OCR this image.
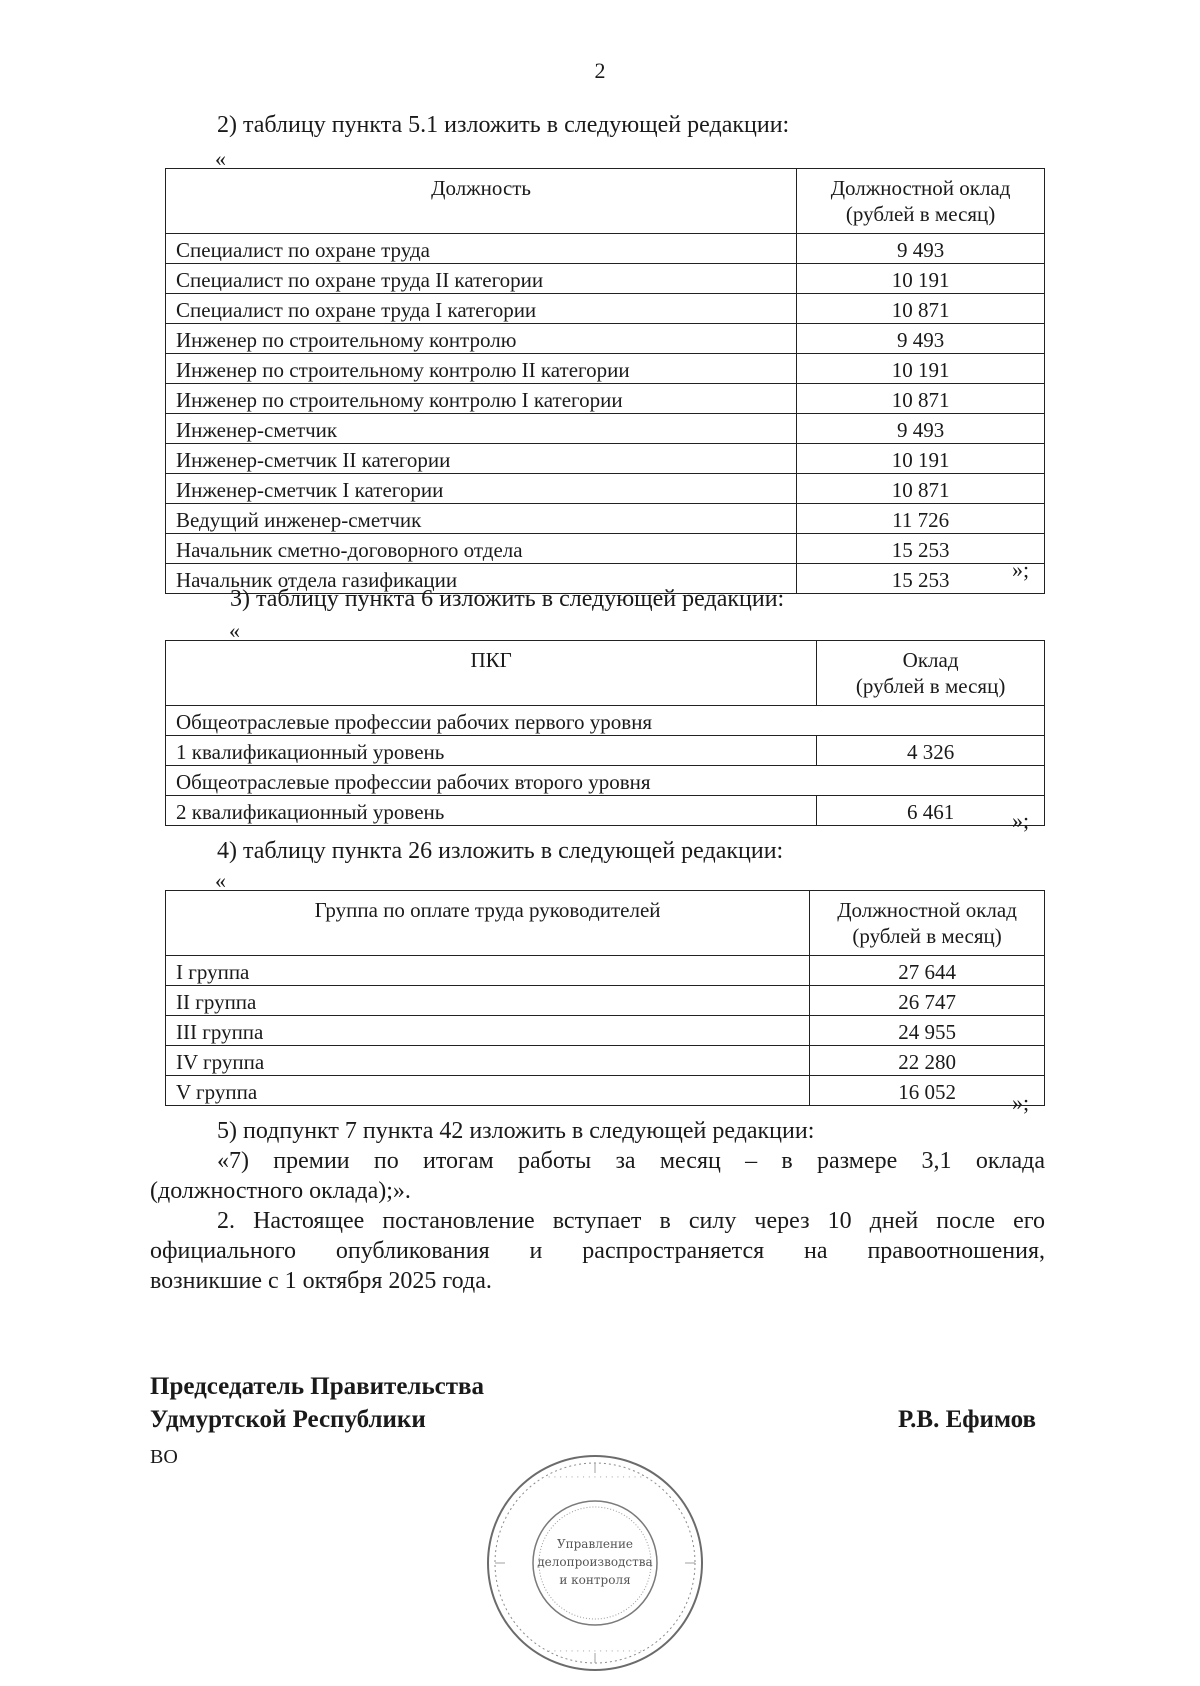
2
2) таблицу пункта 5.1 изложить в следующей редакции:
«
Должность	Должностной оклад
(рублей в месяц)

Специалист по охране труда	9 493
Специалист по охране труда II категории	10 191
Специалист по охране труда I категории	10 871
Инженер по строительному контролю	9 493
Инженер по строительному контролю II категории	10 191
Инженер по строительному контролю I категории	10 871
Инженер-сметчик	9 493
Инженер-сметчик II категории	10 191
Инженер-сметчик I категории	10 871
Ведущий инженер-сметчик	11 726
Начальник сметно-договорного отдела	15 253
Начальник отдела газификации	15 253	»;
3) таблицу пункта 6 изложить в следующей редакции:
«
ПКГ	Оклад
(рублей в месяц)

Общеотраслевые профессии рабочих первого уровня	
1 квалификационный уровень	4 326
Общеотраслевые профессии рабочих второго уровня	
2 квалификационный уровень	6 461	»;
4) таблицу пункта 26 изложить в следующей редакции:
«
Группа по оплате труда руководителей	Должностной оклад
(рублей в месяц)

I группа	27 644
II группа	26 747
III группа	24 955
IV группа	22 280
V группа	16 052	»;
5) подпункт 7 пункта 42 изложить в следующей редакции:
«7) премии по итогам работы за месяц – в размере 3,1 оклада
(должностного оклада);».
2. Настоящее постановление вступает в силу через 10 дней после его
официального опубликования и распространяется на правоотношения,
возникшие с 1 октября 2025 года.
· · · · · · · · · · · · · · · · ·
· · · · · · · · · · · · · · · · ·
Управление
делопроизводства
и контроля
Председатель Правительства
Удмуртской Республики	Р.В. Ефимов
ВО
